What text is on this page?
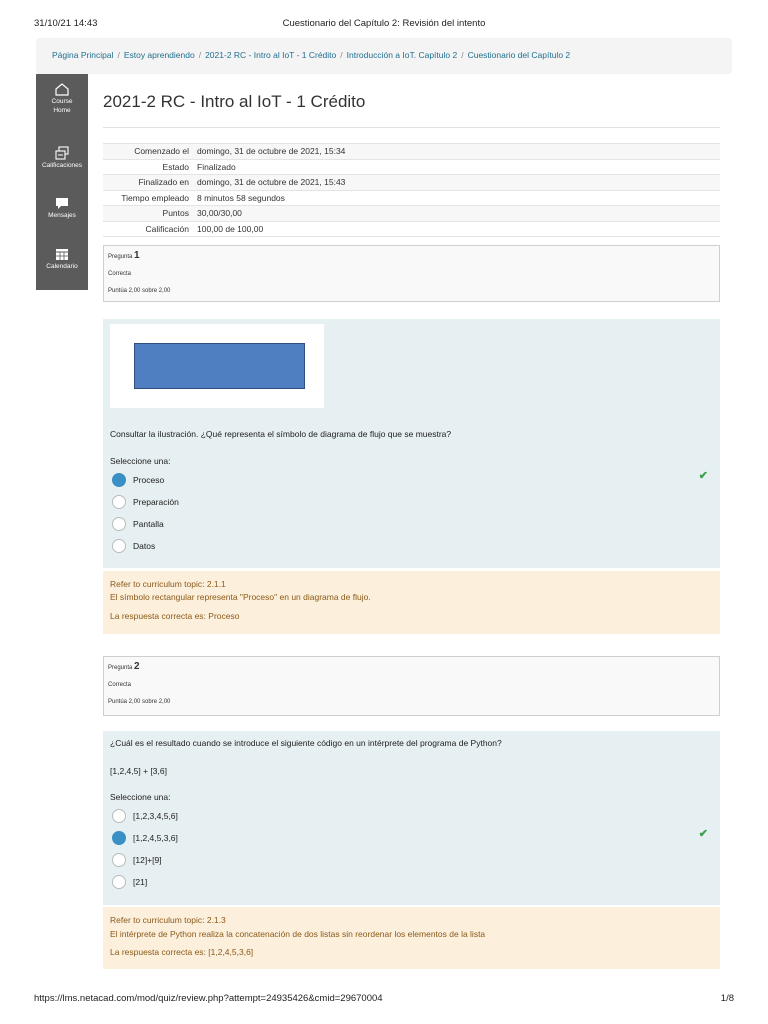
31/10/21 14:43	Cuestionario del Capítulo 2: Revisión del intento
Página Principal / Estoy aprendiendo / 2021-2 RC - Intro al IoT - 1 Crédito / Introducción a IoT. Capítulo 2 / Cuestionario del Capítulo 2
Course
Home
Calificaciones
Mensajes
Calendario
2021-2 RC - Intro al IoT - 1 Crédito
Comenzado el	domingo, 31 de octubre de 2021, 15:34
Estado	Finalizado
Finalizado en	domingo, 31 de octubre de 2021, 15:43
Tiempo empleado	8 minutos 58 segundos
Puntos	30,00/30,00
Calificación	100,00 de 100,00
Pregunta 1
Correcta
Puntúa 2,00 sobre 2,00
Consultar la ilustración. ¿Qué representa el símbolo de diagrama de flujo que se muestra?
Seleccione una:
Proceso
Preparación
Pantalla
Datos
✔
Refer to curriculum topic: 2.1.1
El símbolo rectangular representa "Proceso" en un diagrama de flujo.
La respuesta correcta es: Proceso
Pregunta 2
Correcta
Puntúa 2,00 sobre 2,00
¿Cuál es el resultado cuando se introduce el siguiente código en un intérprete del programa de Python?
[1,2,4,5] + [3,6]
Seleccione una:
[1,2,3,4,5,6]
[1,2,4,5,3,6]
[12]+[9]
[21]
✔
Refer to curriculum topic: 2.1.3
El intérprete de Python realiza la concatenación de dos listas sin reordenar los elementos de la lista
La respuesta correcta es: [1,2,4,5,3,6]
https://lms.netacad.com/mod/quiz/review.php?attempt=24935426&cmid=29670004	1/8
